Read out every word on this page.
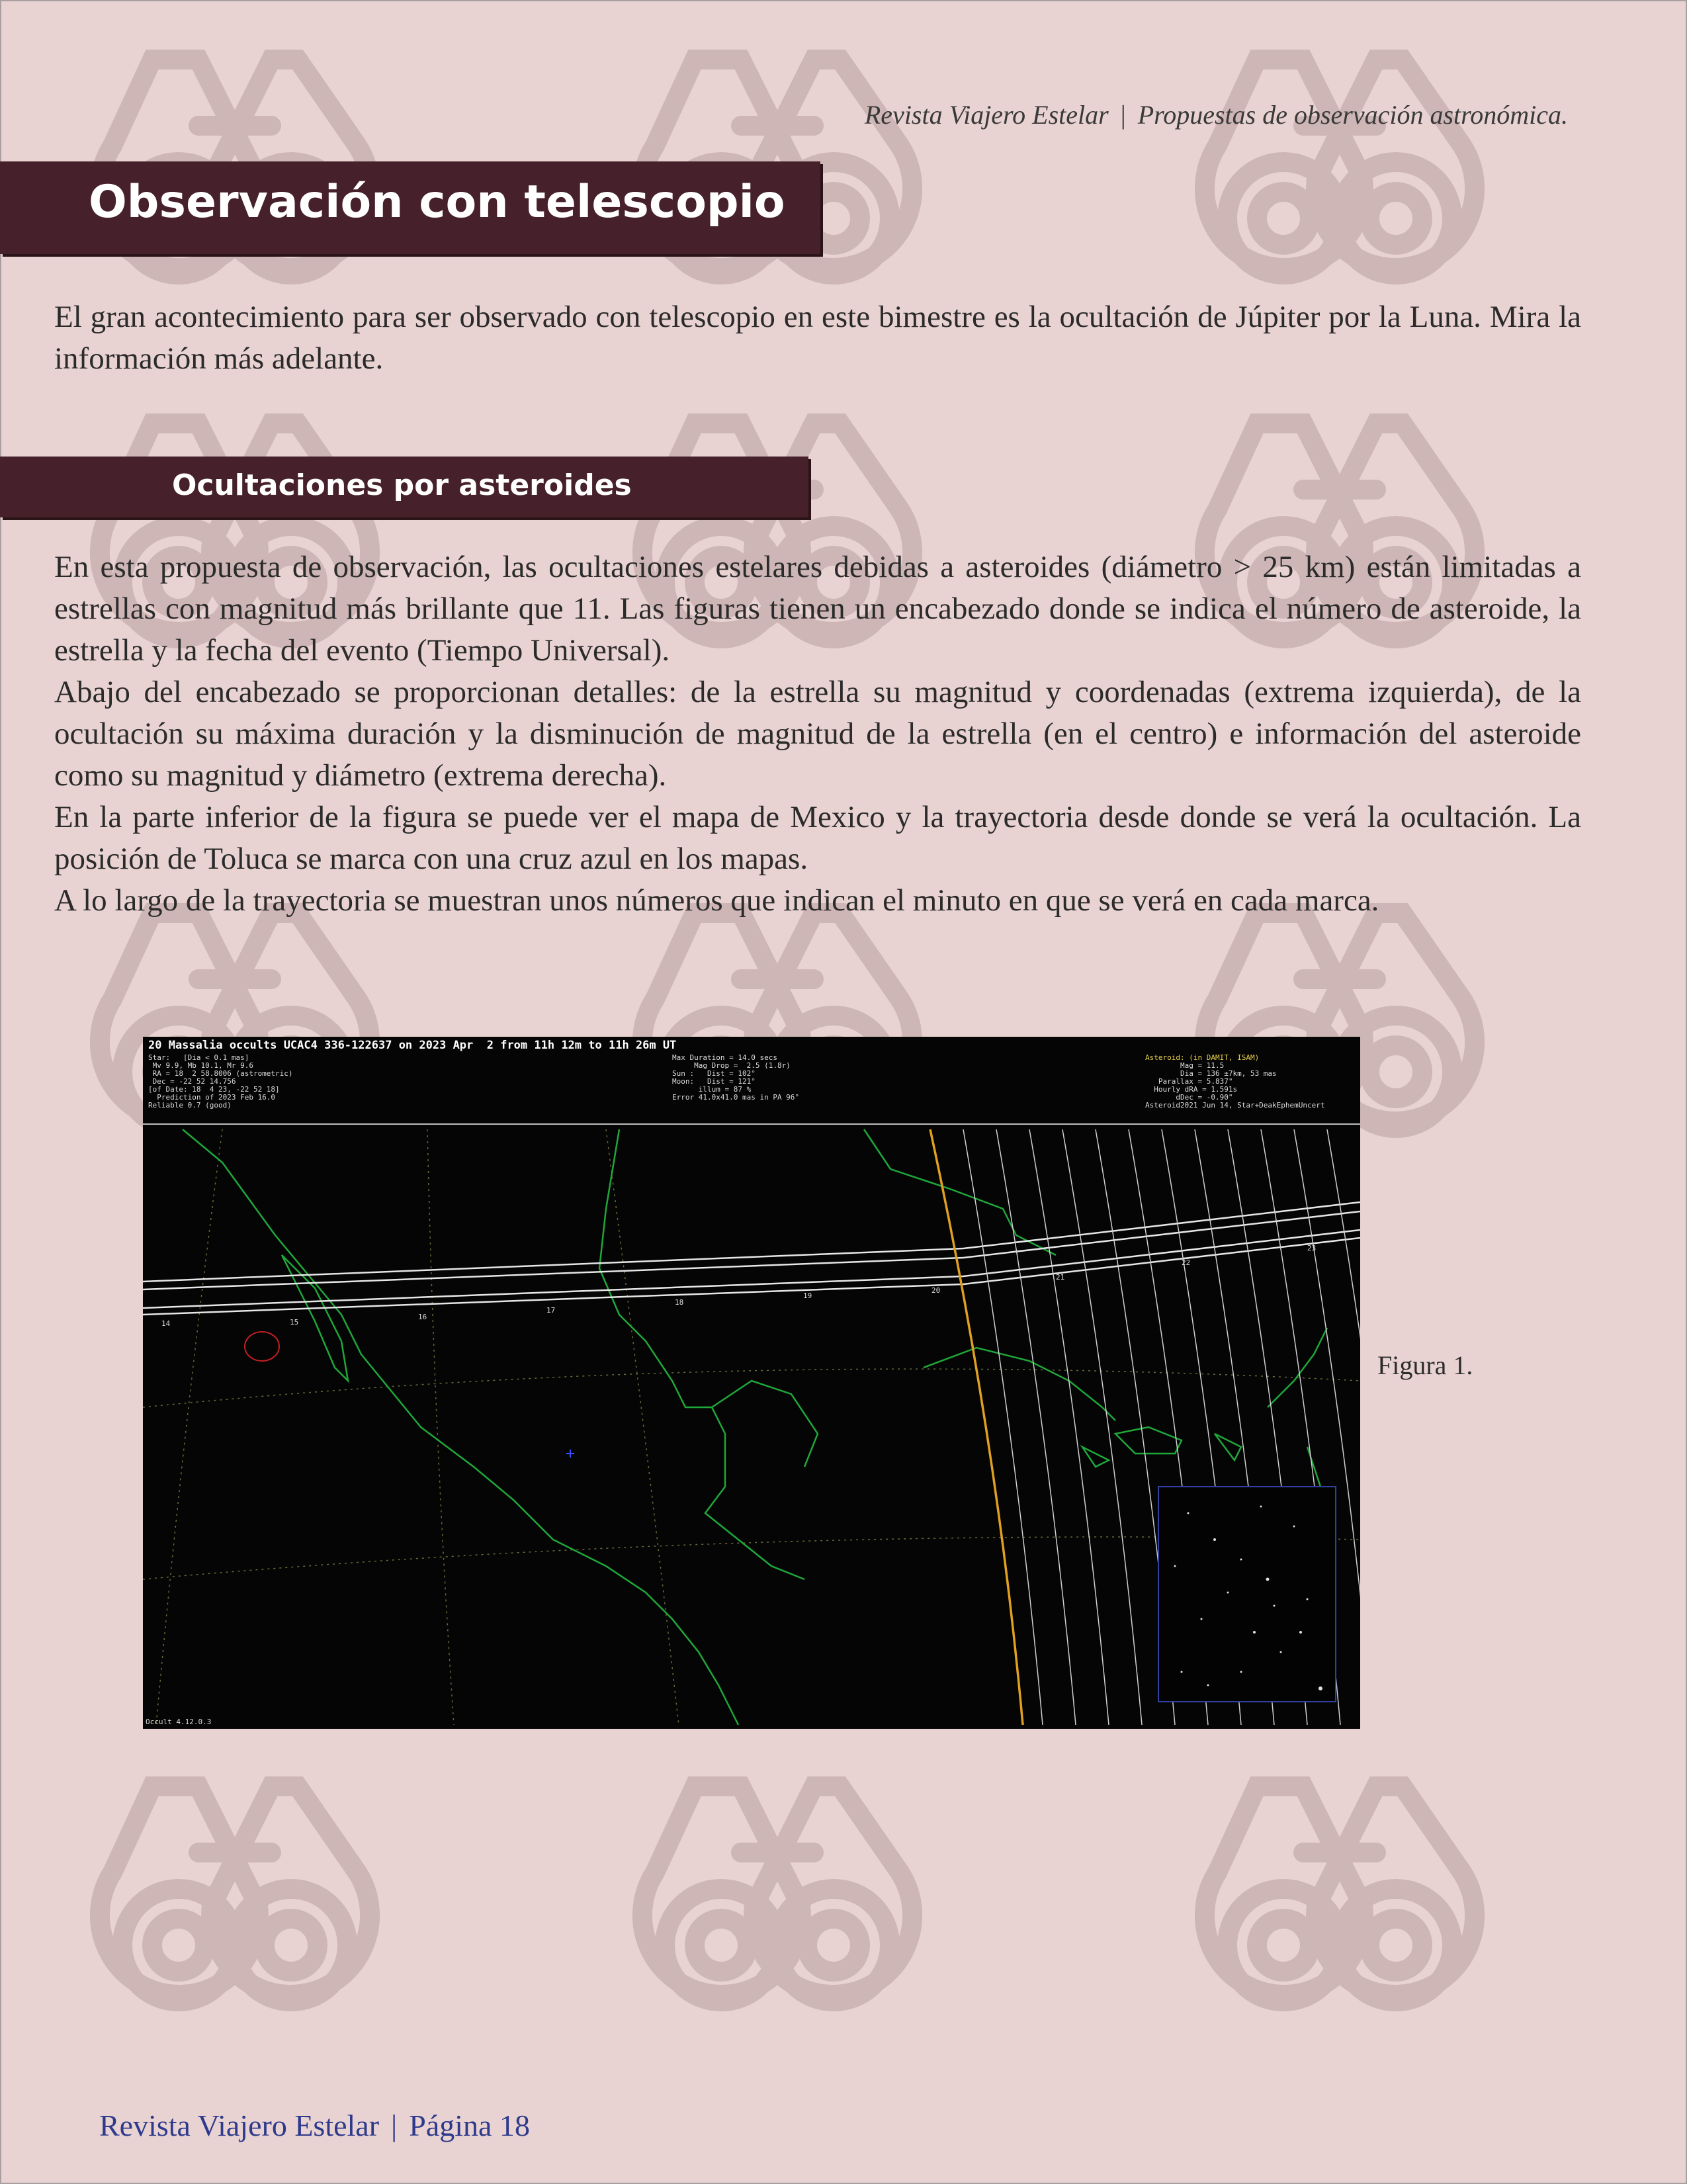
Revista Viajero Estelar | Propuestas de observación astronómica.
Observación con telescopio

El gran acontecimiento para ser observado con telescopio en este bimestre es la ocultación de Júpiter por la Luna. Mira la información más adelante.

Ocultaciones por asteroides

En esta propuesta de observación, las ocultaciones estelares debidas a asteroides (diámetro > 25 km) están limitadas a estrellas con magnitud más brillante que 11. Las figuras tienen un encabezado donde se indica el número de asteroide, la estrella y la fecha del evento (Tiempo Universal).

Abajo del encabezado se proporcionan detalles: de la estrella su magnitud y coordenadas (extrema izquierda), de la ocultación su máxima duración y la disminución de magnitud de la estrella (en el centro) e información del asteroide como su magnitud y diámetro (extrema derecha).

En la parte inferior de la figura se puede ver el mapa de Mexico y la trayectoria desde donde se verá la ocultación. La posición de Toluca se marca con una cruz azul en los mapas.

A lo largo de la trayectoria se muestran unos números que indican el minuto en que se verá en cada marca.

20 Massalia occults UCAC4 336-122637 on 2023 Apr  2 from 11h 12m to 11h 26m UT
Star:   [Dia < 0.1 mas]
Mv 9.9, Mb 10.1, Mr 9.6
RA = 18  2 58.8006 (astrometric)
Dec = -22 52 14.756
[of Date: 18  4 23, -22 52 18]
Prediction of 2023 Feb 16.0
Reliable 0.7 (good)
Max Duration = 14.0 secs
Mag Drop =  2.5 (1.8r)
Sun :   Dist = 102°
Moon:   Dist = 121°
illum = 87 %
Error 41.0x41.0 mas in PA 96°
Asteroid: (in DAMIT, ISAM)
Mag = 11.5
Dia = 136 ±7km, 53 mas
Parallax = 5.837"
Hourly dRA = 1.591s
dDec = -0.90"
Asteroid2021 Jun 14, Star+DeakEphemUncert
14	15
16
17
18
19
20
21
22
23
Occult 4.12.0.3
Figura 1.
Revista Viajero Estelar | Página 18
